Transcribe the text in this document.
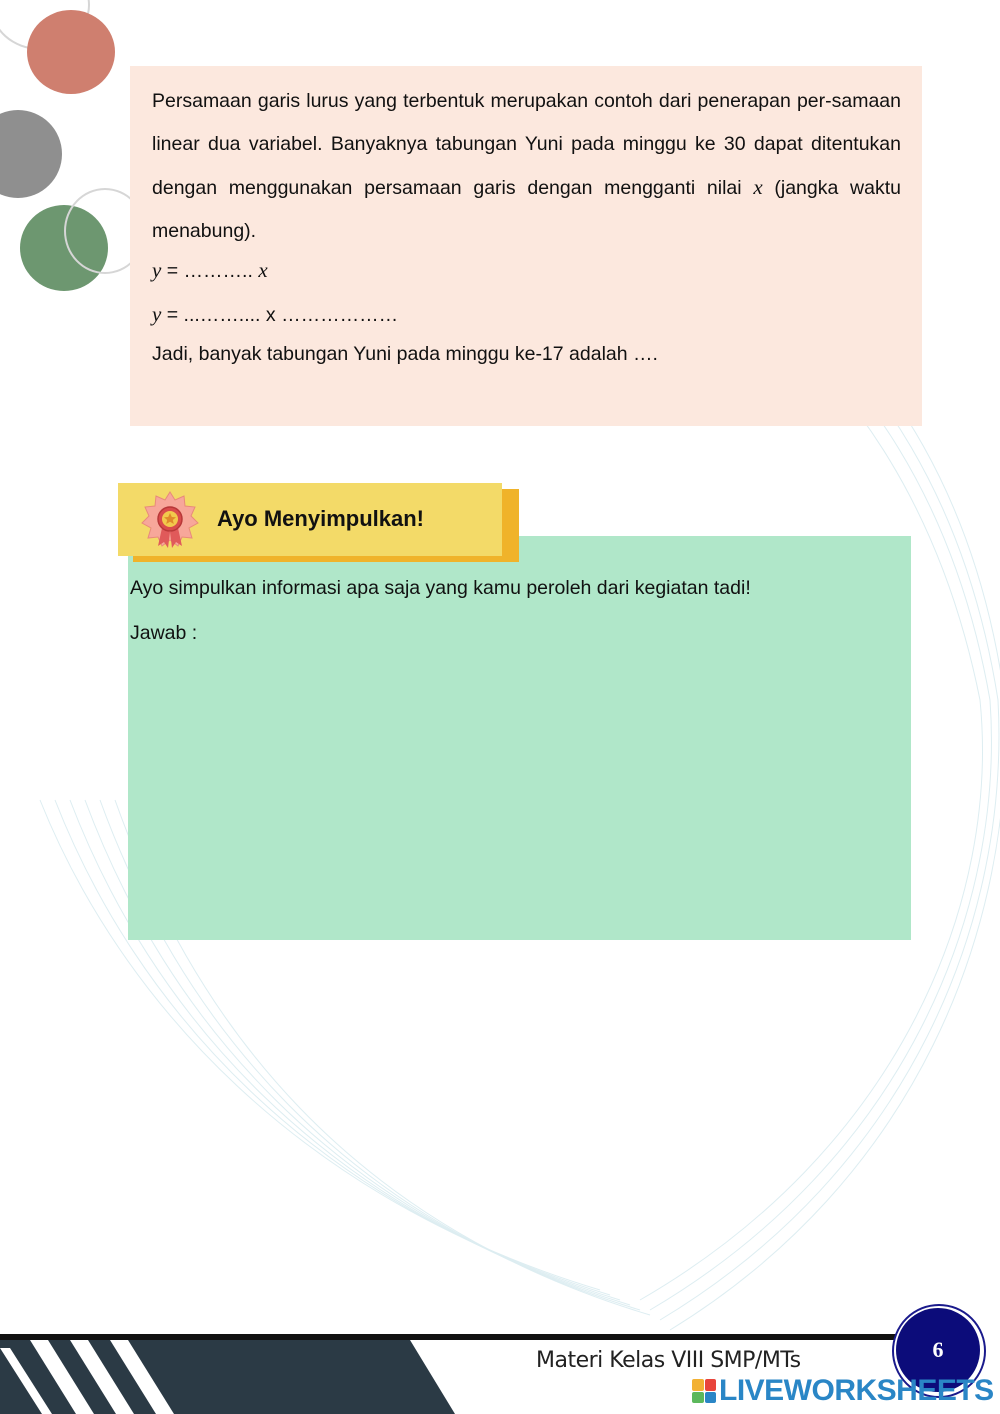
Persamaan garis lurus yang terbentuk merupakan contoh dari penerapan per-samaan linear dua variabel. Banyaknya tabungan Yuni pada minggu ke 30 dapat ditentukan dengan menggunakan persamaan garis dengan mengganti nilai x (jangka waktu menabung).
y = ……….. x
y = ...…….... x ………………
Jadi, banyak tabungan Yuni pada minggu ke-17 adalah ….
Ayo Menyimpulkan!
Ayo simpulkan informasi apa saja yang kamu peroleh dari kegiatan tadi!
Jawab :
Materi Kelas VIII SMP/MTs	6
LIVEWORKSHEETS
